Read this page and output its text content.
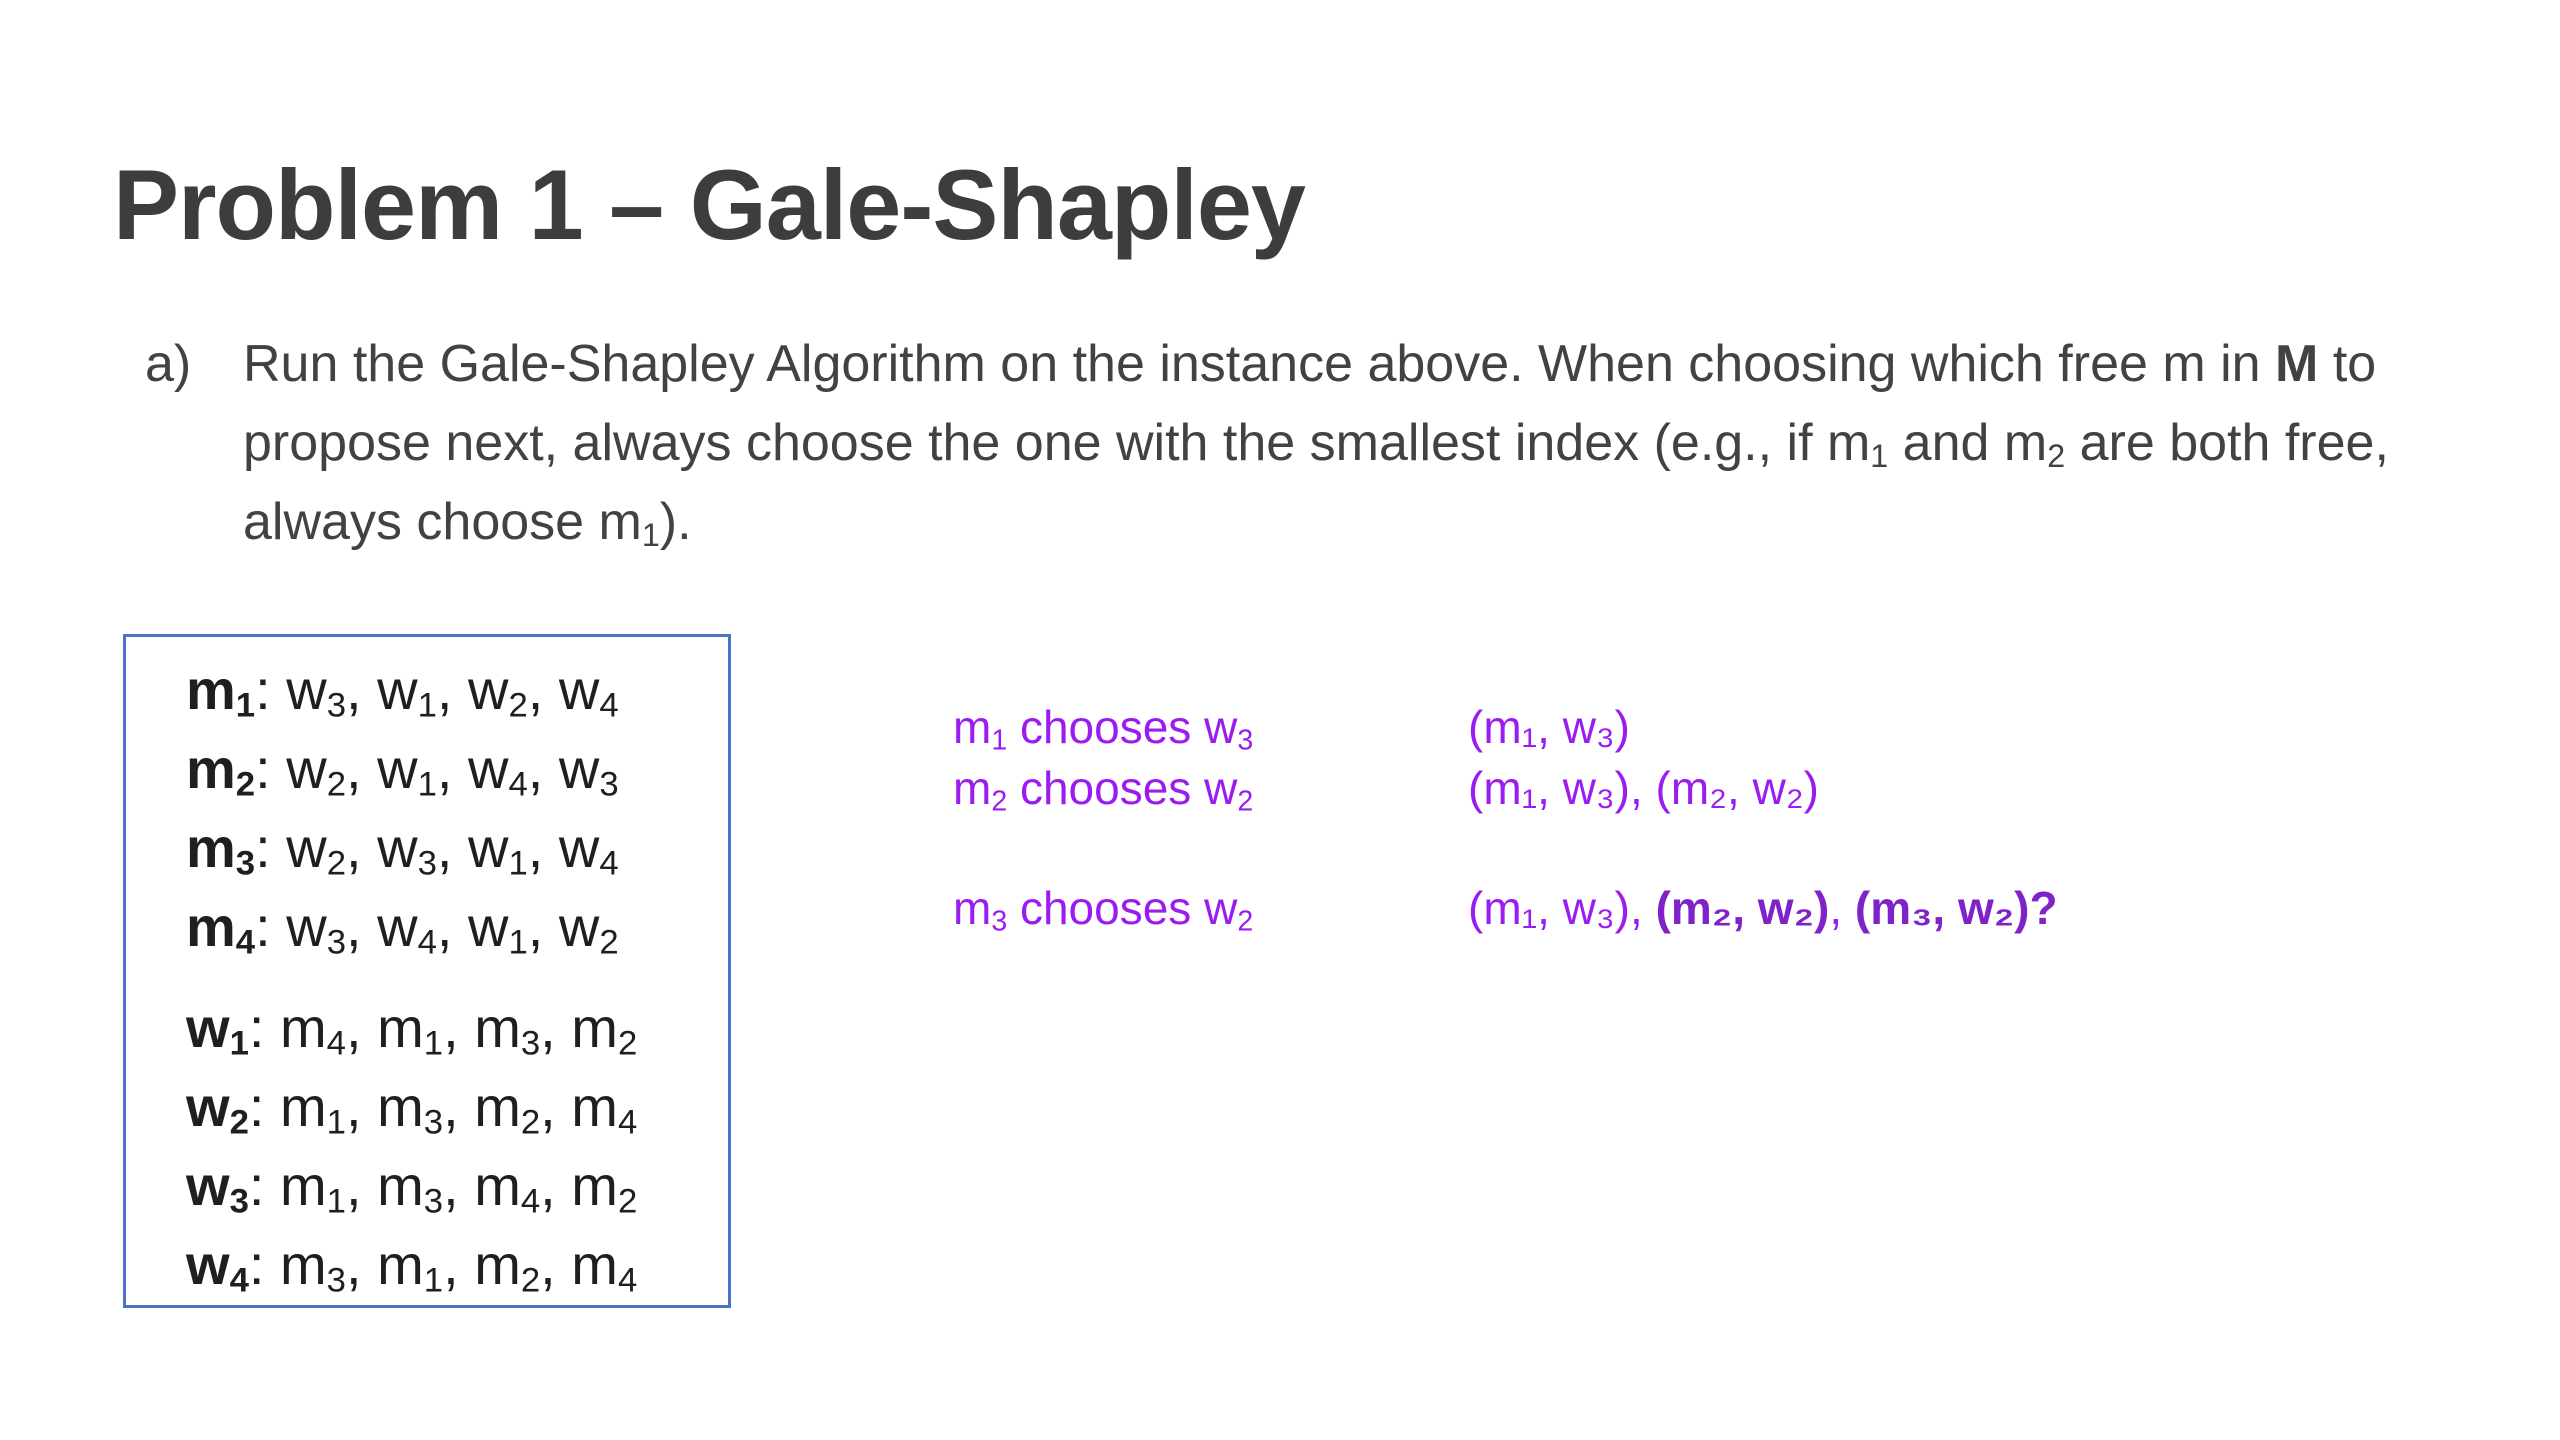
Problem 1 – Gale-Shapley
a) Run the Gale-Shapley Algorithm on the instance above. When choosing which free m in M to
propose next, always choose the one with the smallest index (e.g., if $m_1$ and $m_2$ are both free,
always choose $m_1$).
$m_1$: $w_3$, $w_1$, $w_2$, $w_4$
$m_2$: $w_2$, $w_1$, $w_4$, $w_3$
$m_3$: $w_2$, $w_3$, $w_1$, $w_4$
$m_4$: $w_3$, $w_4$, $w_1$, $w_2$
$w_1$: $m_4$, $m_1$, $m_3$, $m_2$
$w_2$: $m_1$, $m_3$, $m_2$, $m_4$
$w_3$: $m_1$, $m_3$, $m_4$, $m_2$
$w_4$: $m_3$, $m_1$, $m_2$, $m_4$
$m_1$ chooses $w_3$
$m_2$ chooses $w_2$
$m_3$ chooses $w_2$
(m₁, w₃)
(m₁, w₃), (m₂, w₂)
(m₁, w₃), (m₂, w₂), (m₃, w₂)?
